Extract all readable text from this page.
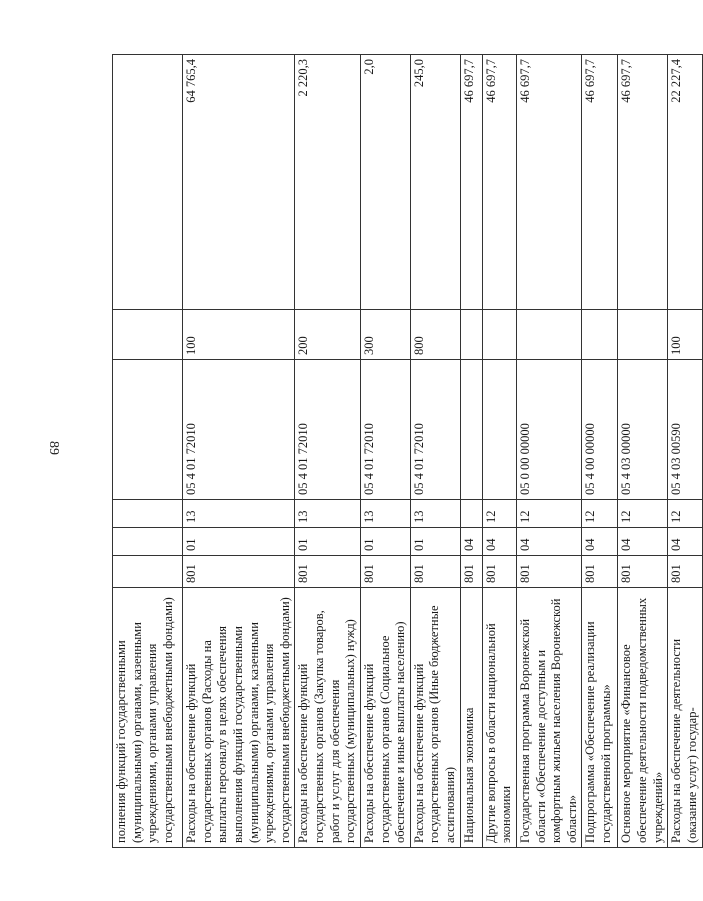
89
полнения функций государственными (муниципальными) органами, казенными учреждениями, органами управления государственными внебюджетными фондами)						
Расходы на обеспечение функций государственных органов (Расходы на выплаты персоналу в целях обеспечения выполнения функций государственными (муниципальными) органами, казенными учреждениями, органами управления государственными внебюджетными фондами)	801	01	13	05 4 01 72010	100	64 765,4
Расходы на обеспечение функций государственных органов (Закупка товаров, работ и услуг для обеспечения государственных (муниципальных) нужд)	801	01	13	05 4 01 72010	200	2 220,3
Расходы на обеспечение функций государственных органов (Социальное обеспечение и иные выплаты населению)	801	01	13	05 4 01 72010	300	2,0
Расходы на обеспечение функций государственных органов (Иные бюджетные ассигнования)	801	01	13	05 4 01 72010	800	245,0
Национальная экономика	801	04				46 697,7
Другие вопросы в области национальной экономики	801	04	12			46 697,7
Государственная программа Воронежской области «Обеспечение доступным и комфортным жильем населения Воронежской области»	801	04	12	05 0 00 00000		46 697,7
Подпрограмма «Обеспечение реализации государственной программы»	801	04	12	05 4 00 00000		46 697,7
Основное мероприятие «Финансовое обеспечение деятельности подведомственных учреждений»	801	04	12	05 4 03 00000		46 697,7
Расходы на обеспечение деятельности (оказание услуг) государ-	801	04	12	05 4 03 00590	100	22 227,4
